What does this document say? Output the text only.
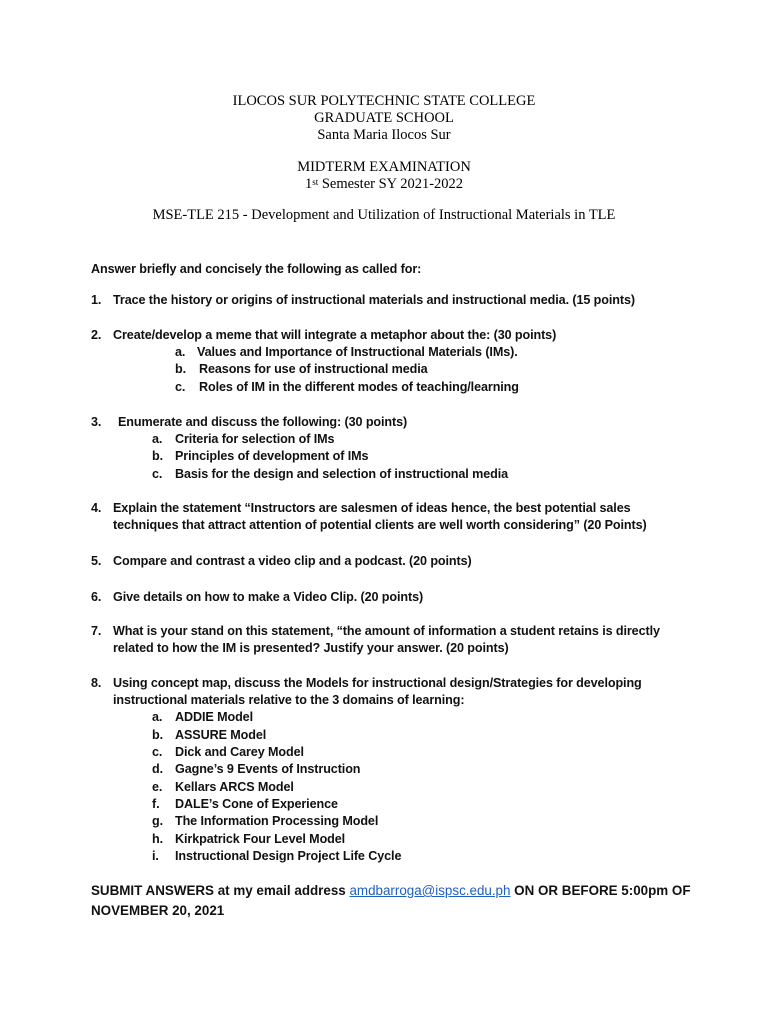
ILOCOS SUR POLYTECHNIC STATE COLLEGE
GRADUATE SCHOOL
Santa Maria Ilocos Sur
MIDTERM EXAMINATION
1st Semester SY 2021-2022
MSE-TLE 215 - Development and Utilization of Instructional Materials in TLE
Answer briefly and concisely the following as called for:
1. Trace the history or origins of instructional materials and instructional media. (15 points)
2. Create/develop a meme that will integrate a metaphor about the: (30 points)
a. Values and Importance of Instructional Materials (IMs).
b. Reasons for use of instructional media
c. Roles of IM in the different modes of teaching/learning
3. Enumerate and discuss the following: (30 points)
a. Criteria for selection of IMs
b. Principles of development of IMs
c. Basis for the design and selection of instructional media
4. Explain the statement “Instructors are salesmen of ideas hence, the best potential sales
techniques that attract attention of potential clients are well worth considering” (20 Points)
5. Compare and contrast a video clip and a podcast. (20 points)
6. Give details on how to make a Video Clip. (20 points)
7. What is your stand on this statement, “the amount of information a student retains is directly
related to how the IM is presented? Justify your answer. (20 points)
8. Using concept map, discuss the Models for instructional design/Strategies for developing
instructional materials relative to the 3 domains of learning:
a. ADDIE Model
b. ASSURE Model
c. Dick and Carey Model
d. Gagne’s 9 Events of Instruction
e. Kellars ARCS Model
f. DALE’s Cone of Experience
g. The Information Processing Model
h. Kirkpatrick Four Level Model
i. Instructional Design Project Life Cycle
SUBMIT ANSWERS at my email address amdbarroga@ispsc.edu.ph ON OR BEFORE 5:00pm OF NOVEMBER 20, 2021
